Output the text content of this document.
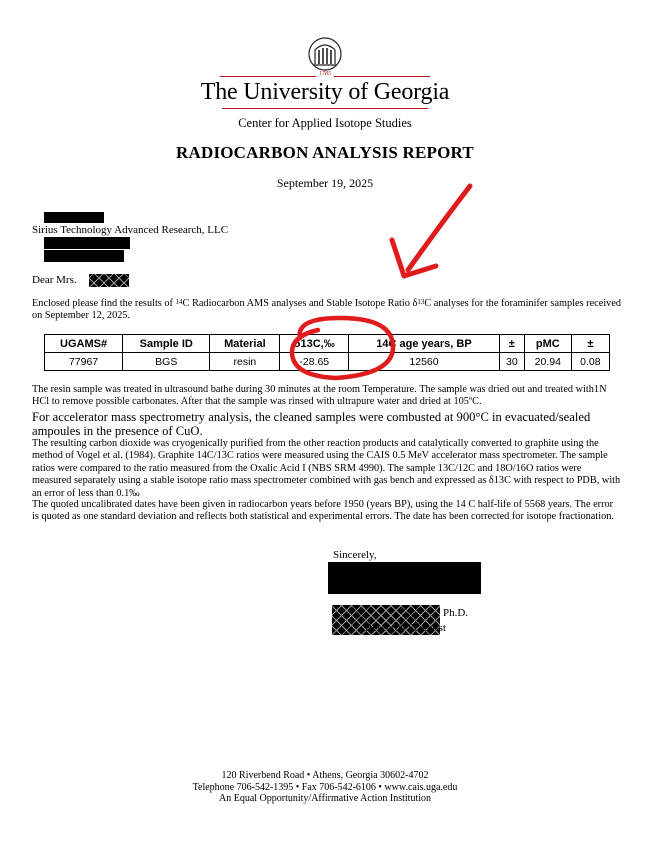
1785
The University of Georgia
Center for Applied Isotope Studies
RADIOCARBON ANALYSIS REPORT
September 19, 2025
Sirius Technology Advanced Research, LLC
Dear Mrs.
Enclosed please find the results of $^{14}$C Radiocarbon AMS analyses and Stable Isotope Ratio $\delta^{13}C$ analyses for the foraminifer samples received on September 12, 2025.
UGAMS#	Sample ID	Material	δ13C,‰	14C age years, BP	±	pMC	±
77967	BGS	resin	-28.65	12560	30	20.94	0.08
The resin sample was treated in ultrasound bathe during 30 minutes at the room Temperature. The sample was dried out and treated with1N HCl to remove possible carbonates. After that the sample was rinsed with ultrapure water and dried at 105ºC.
For accelerator mass spectrometry analysis, the cleaned samples were combusted at 900°C in evacuated/sealed ampoules in the presence of CuO.
The resulting carbon dioxide was cryogenically purified from the other reaction products and catalytically converted to graphite using the method of Vogel et al. (1984). Graphite 14C/13C ratios were measured using the CAIS 0.5 MeV accelerator mass spectrometer. The sample ratios were compared to the ratio measured from the Oxalic Acid I (NBS SRM 4990). The sample 13C/12C and 18O/16O ratios were measured separately using a stable isotope ratio mass spectrometer combined with gas bench and expressed as δ13C with respect to PDB, with an error of less than 0.1‰
The quoted uncalibrated dates have been given in radiocarbon years before 1950 (years BP), using the 14 C half-life of 5568 years. The error is quoted as one standard deviation and reflects both statistical and experimental errors. The date has been corrected for isotope fractionation.
Sincerely,
Ph.D.
Research Scientist
120 Riverbend Road • Athens, Georgia 30602-4702
Telephone 706-542-1395 • Fax 706-542-6106 • www.cais.uga.edu
An Equal Opportunity/Affirmative Action Institution
